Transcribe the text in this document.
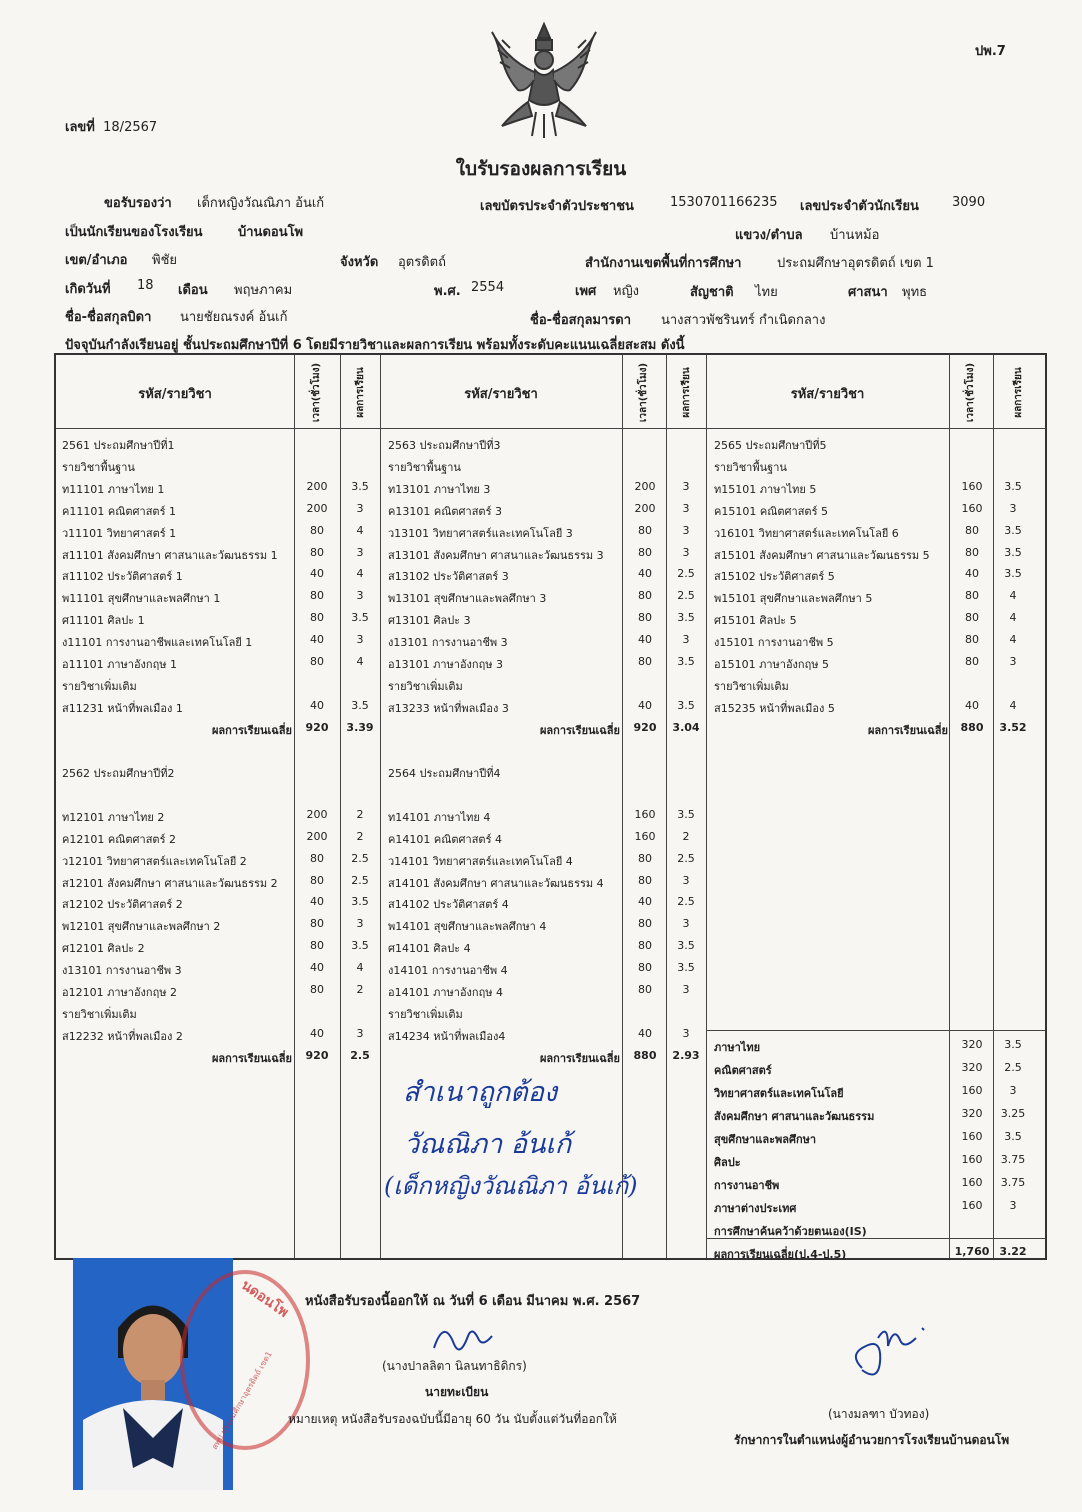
ปพ.7
เลขที่ 18/2567
ใบรับรองผลการเรียน
ขอรับรองว่า เด็กหญิงวัณณิภา อ้นเก้	เลขบัตรประจำตัวประชาชน	1530701166235 เลขประจำตัวนักเรียน	3090
เป็นนักเรียนของโรงเรียน	บ้านดอนโพ	แขวง/ตำบล บ้านหม้อ
เขต/อำเภอ พิชัย	จังหวัด อุตรดิตถ์	สำนักงานเขตพื้นที่การศึกษา	ประถมศึกษาอุตรดิตถ์ เขต 1
เกิดวันที่ 18 เดือน พฤษภาคม	พ.ศ. 2554	เพศ หญิง	สัญชาติ ไทย	ศาสนา พุทธ
ชื่อ-ชื่อสกุลบิดา นายชัยณรงค์ อ้นเก้	ชื่อ-ชื่อสกุลมารดา นางสาวพัชรินทร์ กำเนิดกลาง
ปัจจุบันกำลังเรียนอยู่ ชั้นประถมศึกษาปีที่ 6 โดยมีรายวิชาและผลการเรียน พร้อมทั้งระดับคะแนนเฉลี่ยสะสม ดังนี้
รหัส/รายวิชา	เวลา(ชั่วโมง)	ผลการเรียน	รหัส/รายวิชา	เวลา(ชั่วโมง)	ผลการเรียน	รหัส/รายวิชา	เวลา(ชั่วโมง)	ผลการเรียน
2561 ประถมศึกษาปีที่1
รายวิชาพื้นฐาน
ท11101 ภาษาไทย 1	200	3.5
ค11101 คณิตศาสตร์ 1	200	3
ว11101 วิทยาศาสตร์ 1	80	4
ส11101 สังคมศึกษา ศาสนาและวัฒนธรรม 1	80	3
ส11102 ประวัติศาสตร์ 1	40	4
พ11101 สุขศึกษาและพลศึกษา 1	80	3
ศ11101 ศิลปะ 1	80	3.5
ง11101 การงานอาชีพและเทคโนโลยี 1	40	3
อ11101 ภาษาอังกฤษ 1	80	4
รายวิชาเพิ่มเติม
ส11231 หน้าที่พลเมือง 1	40	3.5
ผลการเรียนเฉลี่ย	920	3.39
2562 ประถมศึกษาปีที่2
ท12101 ภาษาไทย 2	200	2
ค12101 คณิตศาสตร์ 2	200	2
ว12101 วิทยาศาสตร์และเทคโนโลยี 2	80	2.5
ส12101 สังคมศึกษา ศาสนาและวัฒนธรรม 2	80	2.5
ส12102 ประวัติศาสตร์ 2	40	3.5
พ12101 สุขศึกษาและพลศึกษา 2	80	3
ศ12101 ศิลปะ 2	80	3.5
ง13101 การงานอาชีพ 3	40	4
อ12101 ภาษาอังกฤษ 2	80	2
รายวิชาเพิ่มเติม
ส12232 หน้าที่พลเมือง 2	40	3
ผลการเรียนเฉลี่ย	920	2.5
2563 ประถมศึกษาปีที่3
รายวิชาพื้นฐาน
ท13101 ภาษาไทย 3	200	3
ค13101 คณิตศาสตร์ 3	200	3
ว13101 วิทยาศาสตร์และเทคโนโลยี 3	80	3
ส13101 สังคมศึกษา ศาสนาและวัฒนธรรม 3	80	3
ส13102 ประวัติศาสตร์ 3	40	2.5
พ13101 สุขศึกษาและพลศึกษา 3	80	2.5
ศ13101 ศิลปะ 3	80	3.5
ง13101 การงานอาชีพ 3	40	3
อ13101 ภาษาอังกฤษ 3	80	3.5
รายวิชาเพิ่มเติม
ส13233 หน้าที่พลเมือง 3	40	3.5
ผลการเรียนเฉลี่ย	920	3.04
2564 ประถมศึกษาปีที่4
ท14101 ภาษาไทย 4	160	3.5
ค14101 คณิตศาสตร์ 4	160	2
ว14101 วิทยาศาสตร์และเทคโนโลยี 4	80	2.5
ส14101 สังคมศึกษา ศาสนาและวัฒนธรรม 4	80	3
ส14102 ประวัติศาสตร์ 4	40	2.5
พ14101 สุขศึกษาและพลศึกษา 4	80	3
ศ14101 ศิลปะ 4	80	3.5
ง14101 การงานอาชีพ 4	80	3.5
อ14101 ภาษาอังกฤษ 4	80	3
รายวิชาเพิ่มเติม
ส14234 หน้าที่พลเมือง4	40	3
ผลการเรียนเฉลี่ย	880	2.93
2565 ประถมศึกษาปีที่5
รายวิชาพื้นฐาน
ท15101 ภาษาไทย 5	160	3.5
ค15101 คณิตศาสตร์ 5	160	3
ว16101 วิทยาศาสตร์และเทคโนโลยี 6	80	3.5
ส15101 สังคมศึกษา ศาสนาและวัฒนธรรม 5	80	3.5
ส15102 ประวัติศาสตร์ 5	40	3.5
พ15101 สุขศึกษาและพลศึกษา 5	80	4
ศ15101 ศิลปะ 5	80	4
ง15101 การงานอาชีพ 5	80	4
อ15101 ภาษาอังกฤษ 5	80	3
รายวิชาเพิ่มเติม
ส15235 หน้าที่พลเมือง 5	40	4
ผลการเรียนเฉลี่ย	880	3.52
ภาษาไทย	320	3.5
คณิตศาสตร์	320	2.5
วิทยาศาสตร์และเทคโนโลยี	160	3
สังคมศึกษา ศาสนาและวัฒนธรรม	320	3.25
สุขศึกษาและพลศึกษา	160	3.5
ศิลปะ	160	3.75
การงานอาชีพ	160	3.75
ภาษาต่างประเทศ	160	3
การศึกษาค้นคว้าด้วยตนเอง(IS)
ผลการเรียนเฉลี่ย(ป.4-ป.5)	1,760 3.22
สำเนาถูกต้อง
วัณณิภา อ้นเก้
(เด็กหญิงวัณณิภา อ้นเก้)
นดอนโพ
สพป.ประถมศึกษาอุตรดิตถ์ เขต1
หนังสือรับรองนี้ออกให้ ณ วันที่ 6 เดือน มีนาคม พ.ศ. 2567
(นางปาลลิตา นิลนทาธิดิกร)
นายทะเบียน
หมายเหตุ หนังสือรับรองฉบับนี้มีอายุ 60 วัน นับตั้งแต่วันที่ออกให้	(นางมลฑา บัวทอง)
รักษาการในตำแหน่งผู้อำนวยการโรงเรียนบ้านดอนโพ
